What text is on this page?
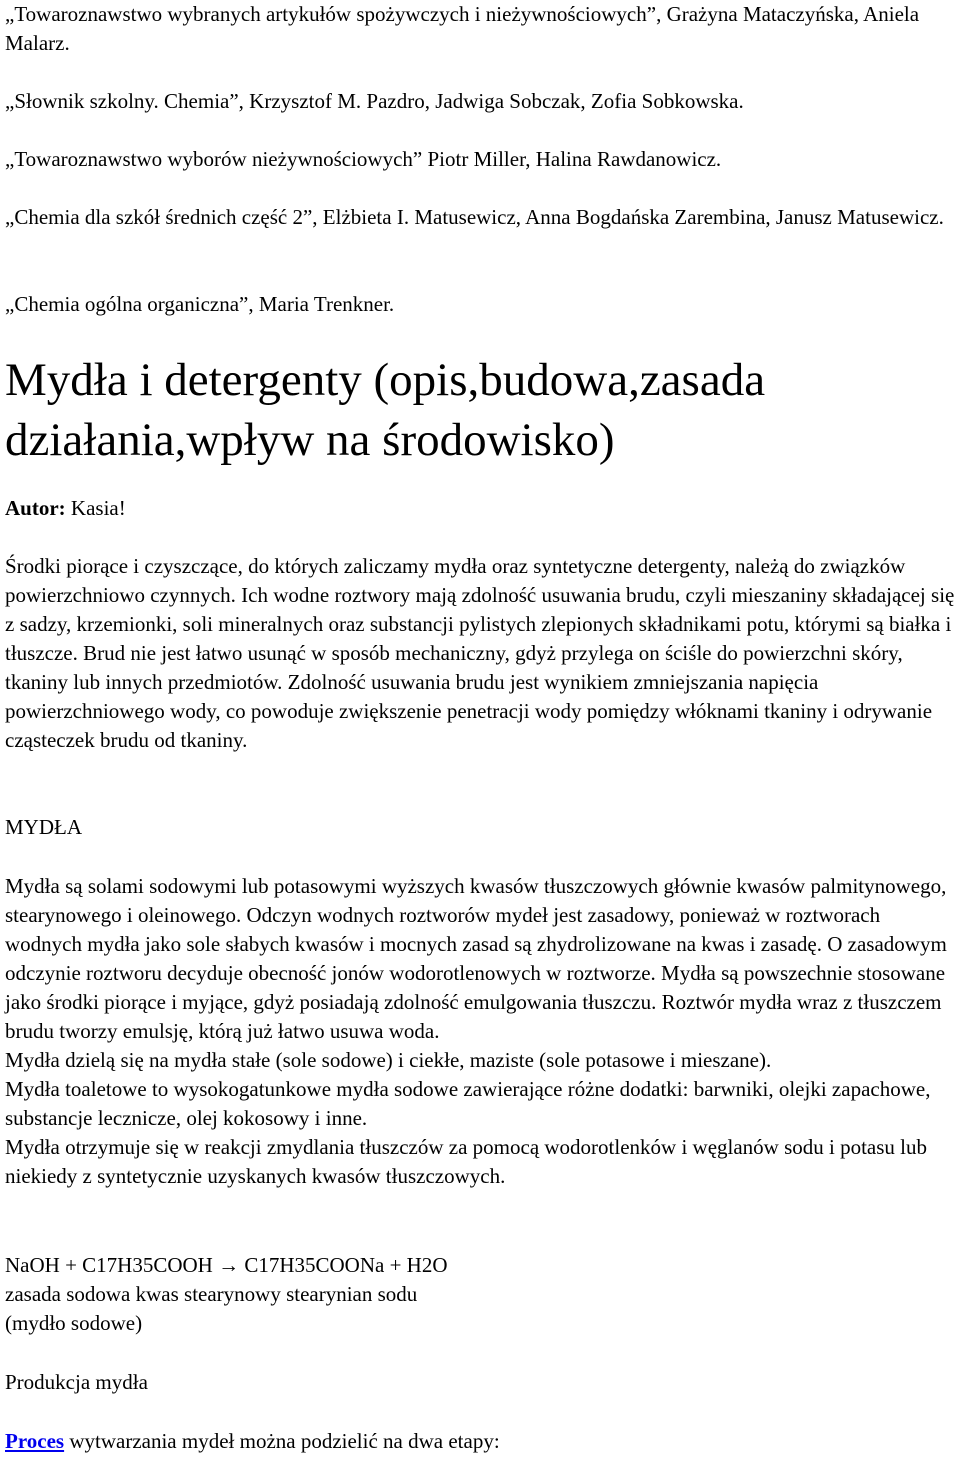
„Towaroznawstwo wybranych artykułów spożywczych i nieżywnościowych”, Grażyna Mataczyńska, Aniela Malarz.
„Słownik szkolny. Chemia”, Krzysztof M. Pazdro, Jadwiga Sobczak, Zofia Sobkowska.
„Towaroznawstwo wyborów nieżywnościowych” Piotr Miller, Halina Rawdanowicz.
„Chemia dla szkół średnich część 2”, Elżbieta I. Matusewicz, Anna Bogdańska Zarembina, Janusz Matusewicz.
„Chemia ogólna organiczna”, Maria Trenkner.
Mydła i detergenty (opis,budowa,zasada działania,wpływ na środowisko)
Autor: Kasia!

Środki piorące i czyszczące, do których zaliczamy mydła oraz syntetyczne detergenty, należą do związków powierzchniowo czynnych. Ich wodne roztwory mają zdolność usuwania brudu, czyli mieszaniny składającej się z sadzy, krzemionki, soli mineralnych oraz substancji pylistych zlepionych składnikami potu, którymi są białka i tłuszcze. Brud nie jest łatwo usunąć w sposób mechaniczny, gdyż przylega on ściśle do powierzchni skóry, tkaniny lub innych przedmiotów. Zdolność usuwania brudu jest wynikiem zmniejszania napięcia powierzchniowego wody, co powoduje zwiększenie penetracji wody pomiędzy włóknami tkaniny i odrywanie cząsteczek brudu od tkaniny.

MYDŁA

Mydła są solami sodowymi lub potasowymi wyższych kwasów tłuszczowych głównie kwasów palmitynowego, stearynowego i oleinowego. Odczyn wodnych roztworów mydeł jest zasadowy, ponieważ w roztworach wodnych mydła jako sole słabych kwasów i mocnych zasad są zhydrolizowane na kwas i zasadę. O zasadowym odczynie roztworu decyduje obecność jonów wodorotlenowych w roztworze. Mydła są powszechnie stosowane jako środki piorące i myjące, gdyż posiadają zdolność emulgowania tłuszczu. Roztwór mydła wraz z tłuszczem brudu tworzy emulsję, którą już łatwo usuwa woda.

Mydła dzielą się na mydła stałe (sole sodowe) i ciekłe, maziste (sole potasowe i mieszane).

Mydła toaletowe to wysokogatunkowe mydła sodowe zawierające różne dodatki: barwniki, olejki zapachowe, substancje lecznicze, olej kokosowy i inne.

Mydła otrzymuje się w reakcji zmydlania tłuszczów za pomocą wodorotlenków i węglanów sodu i potasu lub niekiedy z syntetycznie uzyskanych kwasów tłuszczowych.

NaOH + C17H35COOH → C17H35COONa + H2O
zasada sodowa kwas stearynowy stearynian sodu
(mydło sodowe)
Produkcja mydła
Proces wytwarzania mydeł można podzielić na dwa etapy:
